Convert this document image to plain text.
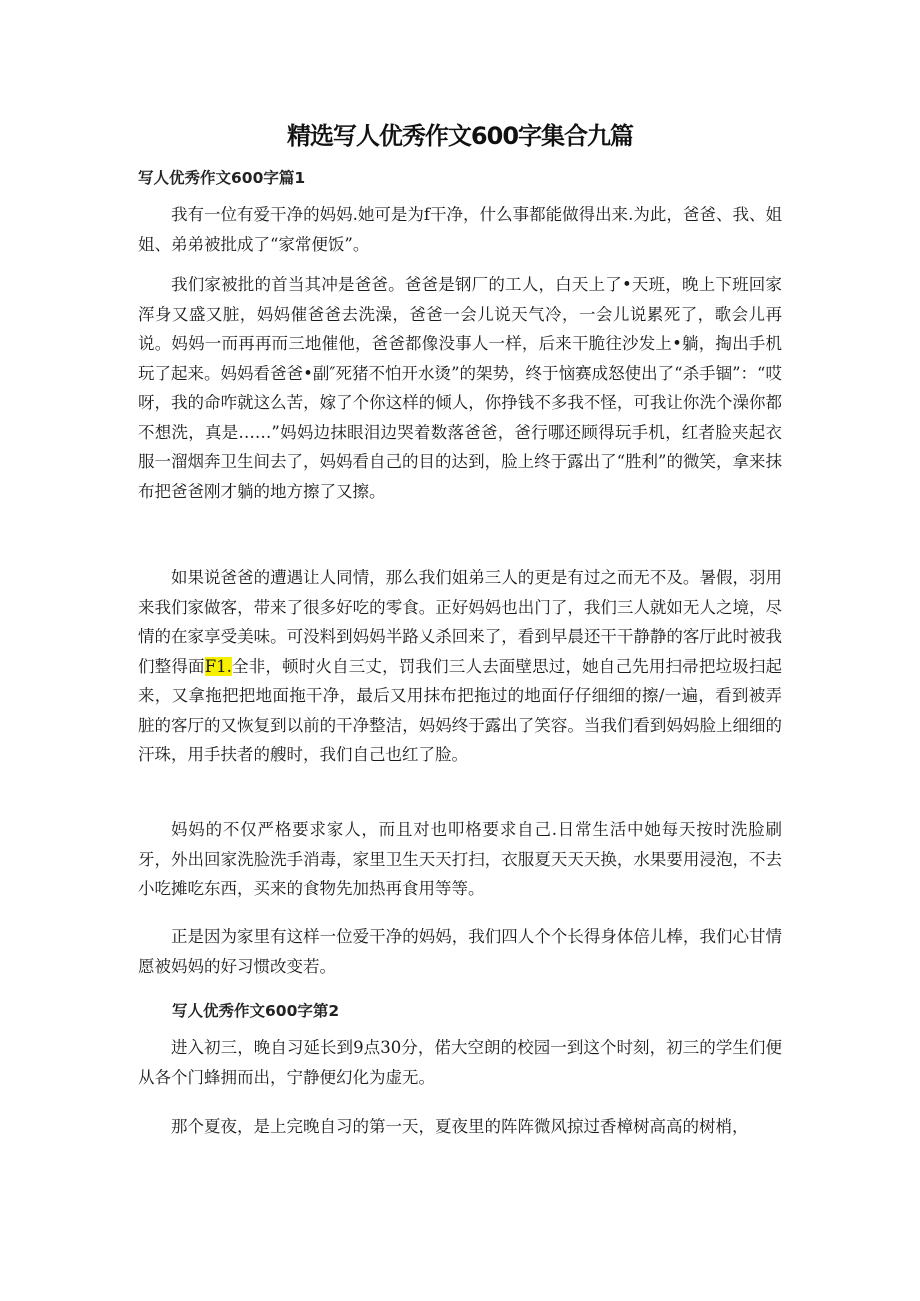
精选写人优秀作文600字集合九篇
写人优秀作文600字篇1

我有一位有爱干净的妈妈.她可是为f干净，什么事都能做得出来.为此，爸爸、我、姐姐、弟弟被批成了“家常便饭”。

我们家被批的首当其冲是爸爸。爸爸是钢厂的工人，白天上了•天班，晚上下班回家浑身又盛又脏，妈妈催爸爸去洗澡，爸爸一会儿说天气冷，一会儿说累死了，歌会儿再说。妈妈一而再再而三地催他，爸爸都像没事人一样，后来干脆往沙发上•躺，掏出手机玩了起来。妈妈看爸爸•副″死猪不怕开水烫”的架势，终于恼赛成怒使出了“杀手锢”：“哎呀，我的命咋就这么苦，嫁了个你这样的倾人，你挣钱不多我不怪，可我让你洗个澡你都不想洗，真是……”妈妈边抹眼泪边哭着数落爸爸，爸行哪还顾得玩手机，红者脸夹起衣服一溜烟奔卫生间去了，妈妈看自己的目的达到，脸上终于露出了“胜利”的微笑，拿来抹布把爸爸刚才躺的地方擦了又擦。

如果说爸爸的遭遇让人同情，那么我们姐弟三人的更是有过之而无不及。暑假，羽用来我们家做客，带来了很多好吃的零食。正好妈妈也出门了，我们三人就如无人之境，尽情的在家享受美味。可没料到妈妈半路乂杀回来了，看到早晨还干干静静的客厅此时被我们整得面F1.全非，顿时火自三丈，罚我们三人去面壁思过，她自己先用扫帚把垃圾扫起来，又拿拖把把地面拖干净，最后又用抹布把拖过的地面仔仔细细的擦/一遍，看到被弄脏的客厅的又恢复到以前的干净整洁，妈妈终于露出了笑容。当我们看到妈妈脸上细细的汗珠，用手扶者的艘时，我们自己也红了脸。

妈妈的不仅严格要求家人，而且对也叩格要求自己.日常生活中她每天按时洗脸刷牙，外出回家洗脸洗手消毒，家里卫生天天打扫，衣服夏天天天换，水果要用浸泡，不去小吃摊吃东西，买来的食物先加热再食用等等。

正是因为家里有这样一位爱干净的妈妈，我们四人个个长得身体倍儿棒，我们心甘情愿被妈妈的好习惯改变若。

写人优秀作文600字第2

进入初三，晚自习延长到9点30分，偌大空朗的校园一到这个时刻，初三的学生们便从各个门蜂拥而出，宁静便幻化为虚无。

那个夏夜，是上完晚自习的第一天，夏夜里的阵阵微风掠过香樟树高高的树梢，
